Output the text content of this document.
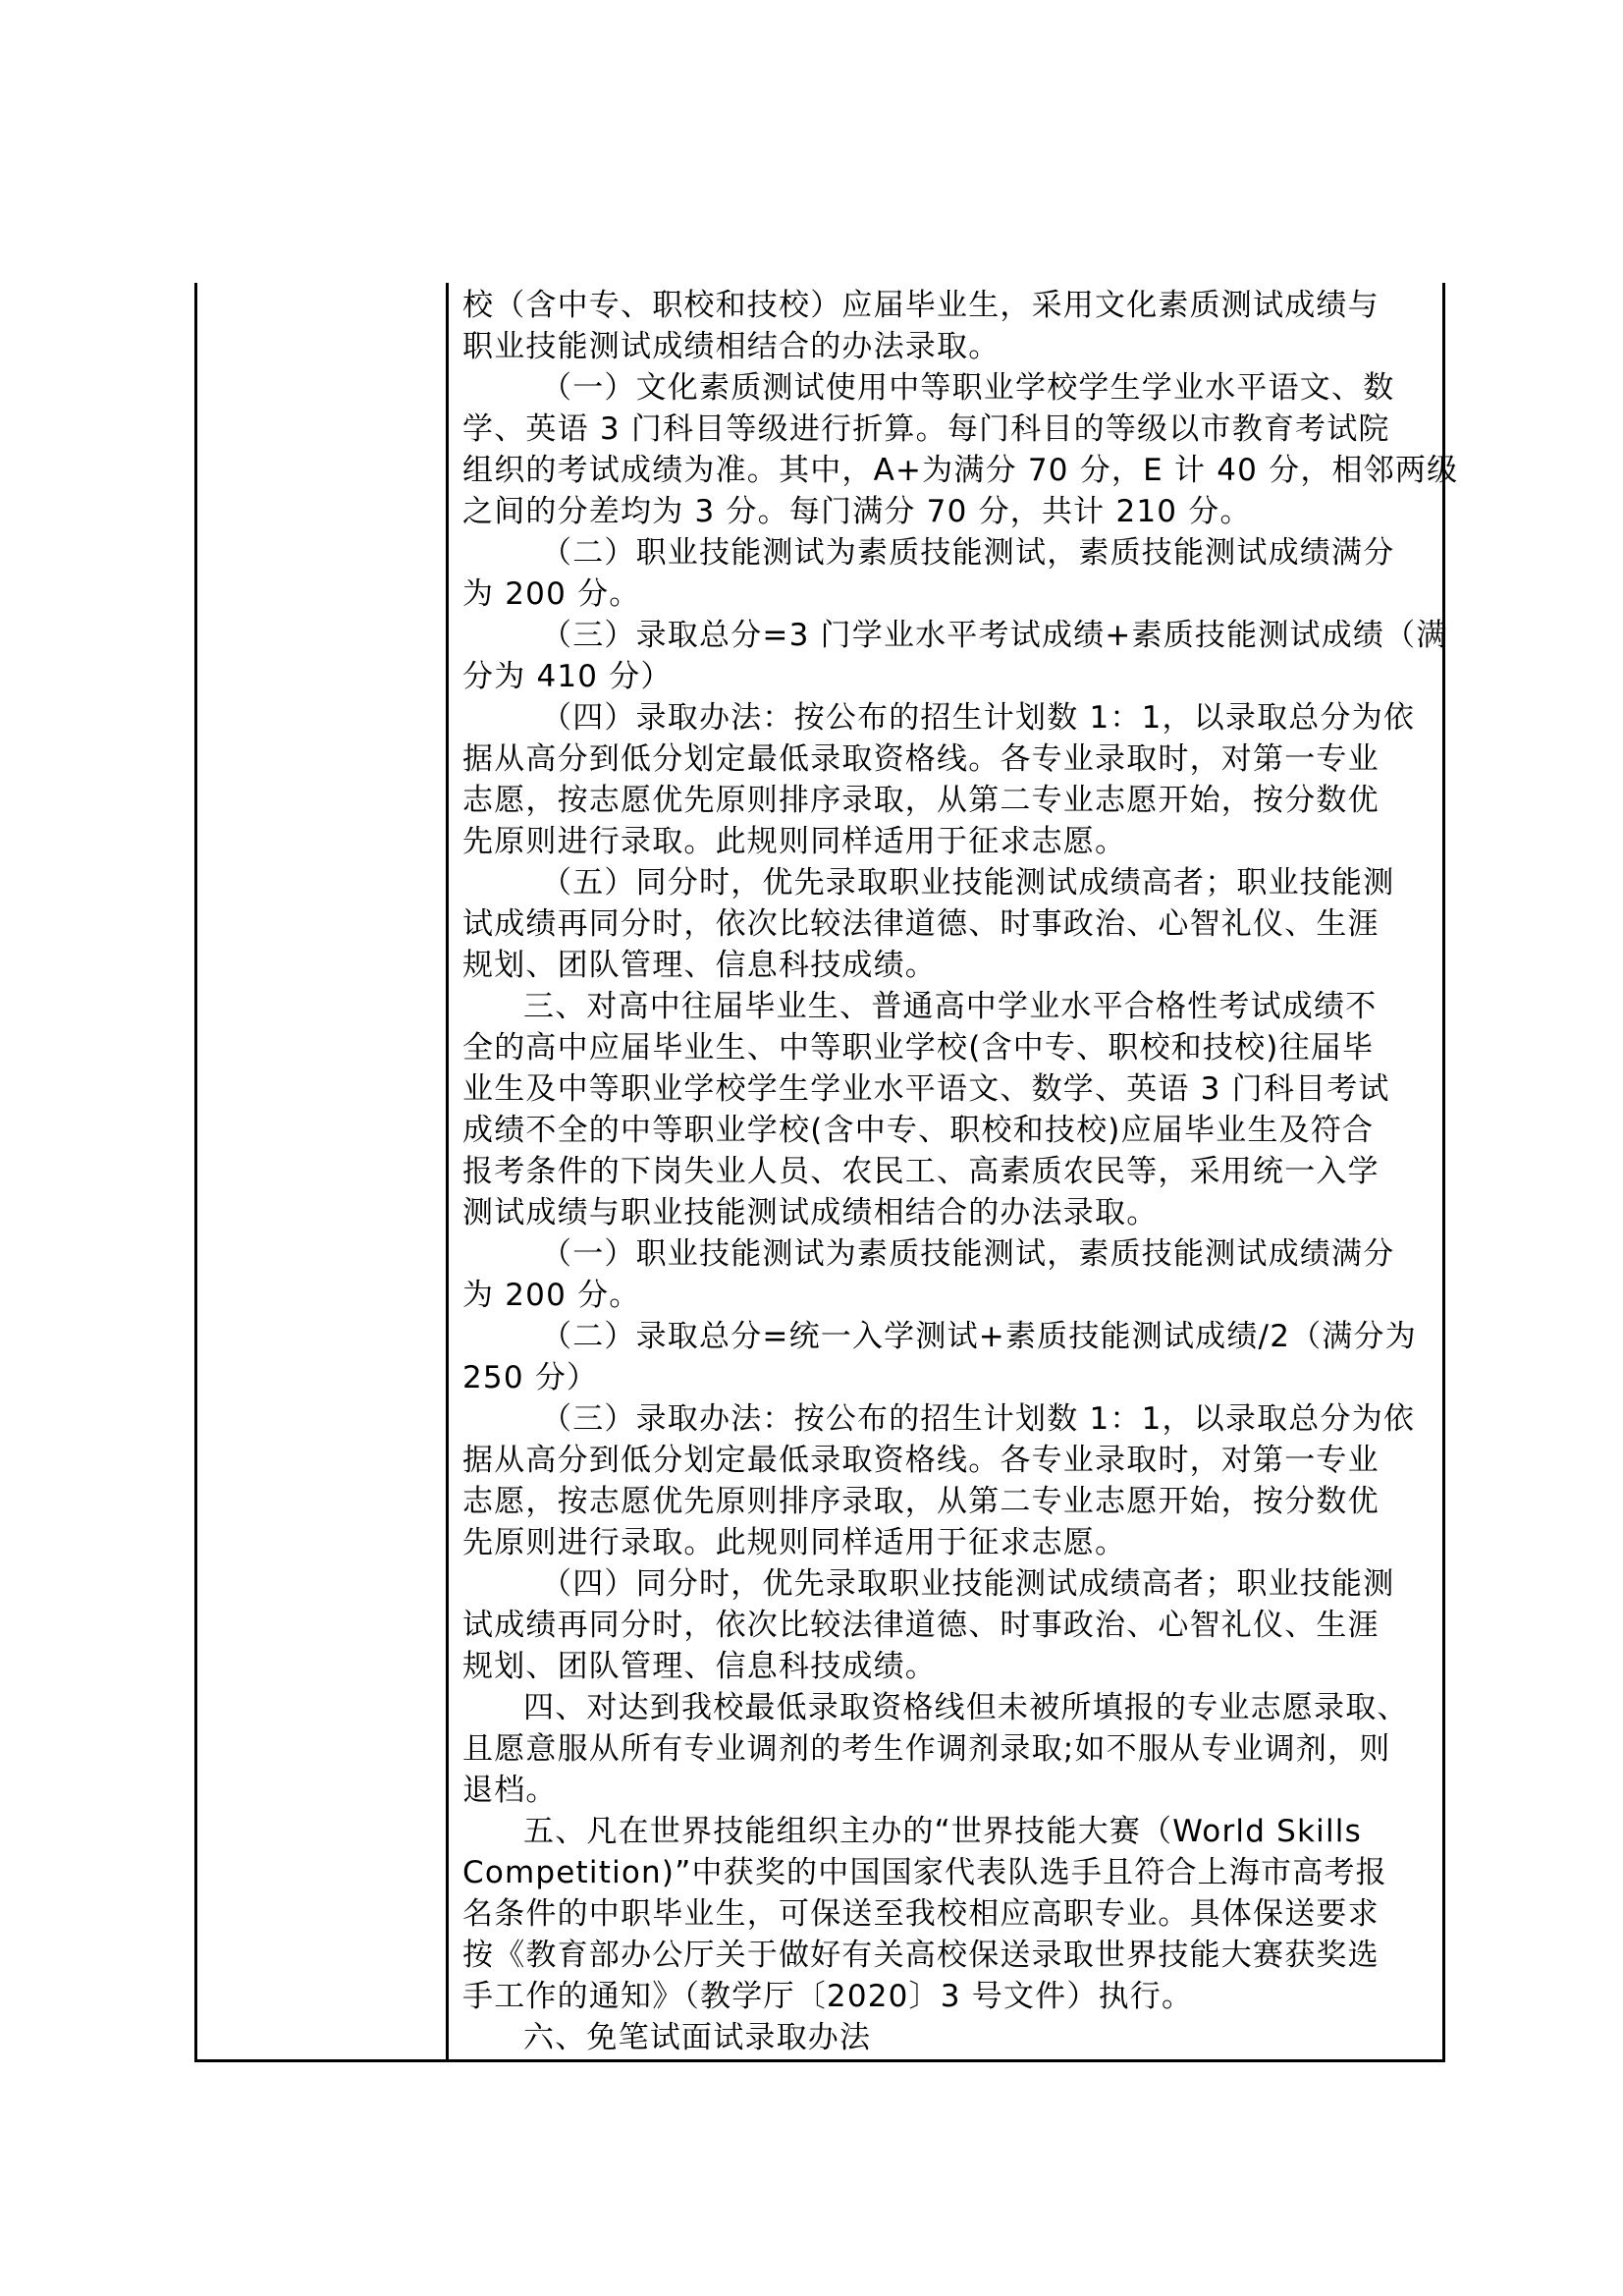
校（含中专、职校和技校）应届毕业生，采用文化素质测试成绩与
职业技能测试成绩相结合的办法录取。
（一）文化素质测试使用中等职业学校学生学业水平语文、数
学、英语 3 门科目等级进行折算。每门科目的等级以市教育考试院
组织的考试成绩为准。其中，A+为满分 70 分，E 计 40 分，相邻两级
之间的分差均为 3 分。每门满分 70 分，共计 210 分。
（二）职业技能测试为素质技能测试，素质技能测试成绩满分
为 200 分。
（三）录取总分=3 门学业水平考试成绩+素质技能测试成绩（满
分为 410 分）
（四）录取办法：按公布的招生计划数 1：1，以录取总分为依
据从高分到低分划定最低录取资格线。各专业录取时，对第一专业
志愿，按志愿优先原则排序录取，从第二专业志愿开始，按分数优
先原则进行录取。此规则同样适用于征求志愿。
（五）同分时，优先录取职业技能测试成绩高者；职业技能测
试成绩再同分时，依次比较法律道德、时事政治、心智礼仪、生涯
规划、团队管理、信息科技成绩。
三、对高中往届毕业生、普通高中学业水平合格性考试成绩不
全的高中应届毕业生、中等职业学校(含中专、职校和技校)往届毕
业生及中等职业学校学生学业水平语文、数学、英语 3 门科目考试
成绩不全的中等职业学校(含中专、职校和技校)应届毕业生及符合
报考条件的下岗失业人员、农民工、高素质农民等，采用统一入学
测试成绩与职业技能测试成绩相结合的办法录取。
（一）职业技能测试为素质技能测试，素质技能测试成绩满分
为 200 分。
（二）录取总分=统一入学测试+素质技能测试成绩/2（满分为
250 分）
（三）录取办法：按公布的招生计划数 1：1，以录取总分为依
据从高分到低分划定最低录取资格线。各专业录取时，对第一专业
志愿，按志愿优先原则排序录取，从第二专业志愿开始，按分数优
先原则进行录取。此规则同样适用于征求志愿。
（四）同分时，优先录取职业技能测试成绩高者；职业技能测
试成绩再同分时，依次比较法律道德、时事政治、心智礼仪、生涯
规划、团队管理、信息科技成绩。
四、对达到我校最低录取资格线但未被所填报的专业志愿录取、
且愿意服从所有专业调剂的考生作调剂录取;如不服从专业调剂，则
退档。
五、凡在世界技能组织主办的“世界技能大赛（World Skills
Competition)”中获奖的中国国家代表队选手且符合上海市高考报
名条件的中职毕业生，可保送至我校相应高职专业。具体保送要求
按《教育部办公厅关于做好有关高校保送录取世界技能大赛获奖选
手工作的通知》（教学厅〔2020〕3 号文件）执行。
六、免笔试面试录取办法
